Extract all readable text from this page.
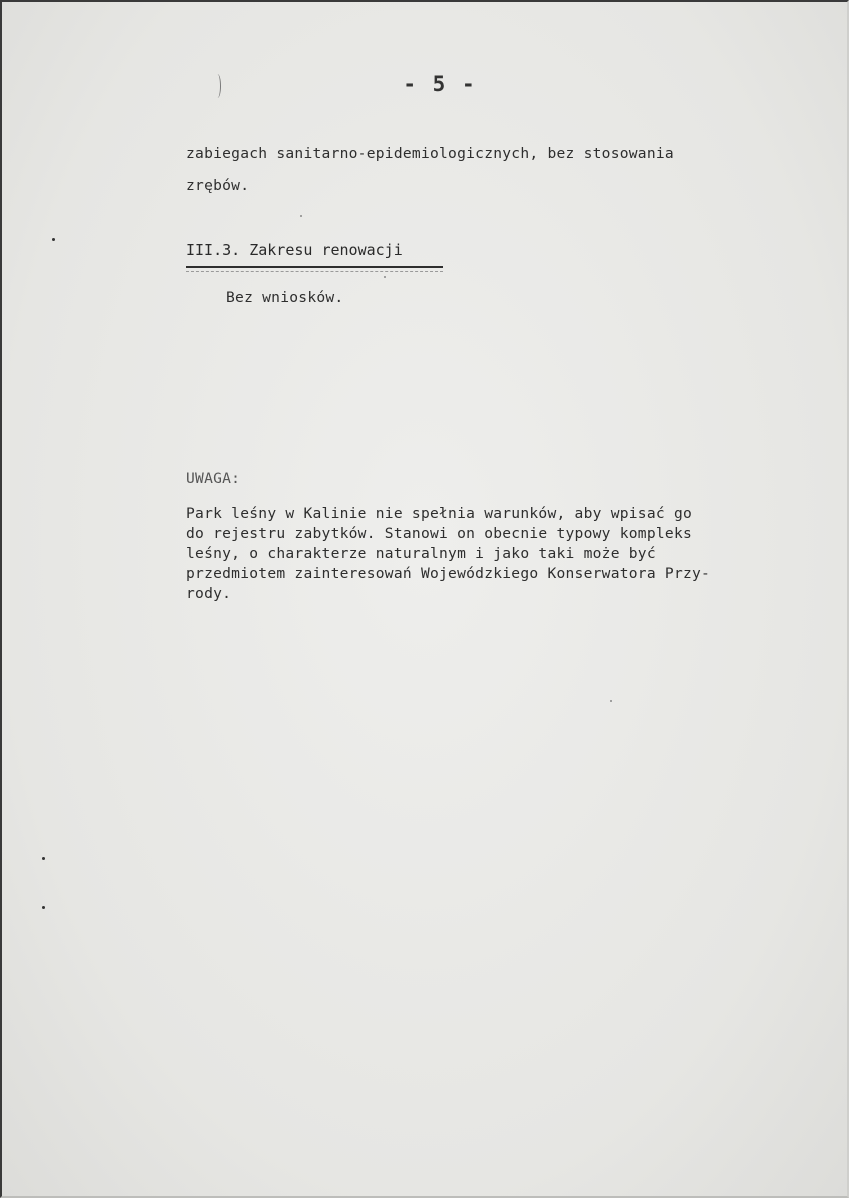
- 5 -
zabiegach sanitarno-epidemiologicznych, bez stosowania
zrębów.
III.3. Zakresu renowacji
Bez wniosków.
UWAGA:
Park leśny w Kalinie nie spełnia warunków, aby wpisać go
do rejestru zabytków. Stanowi on obecnie typowy kompleks
leśny, o charakterze naturalnym i jako taki może być
przedmiotem zainteresowań Wojewódzkiego Konserwatora Przy-
rody.
